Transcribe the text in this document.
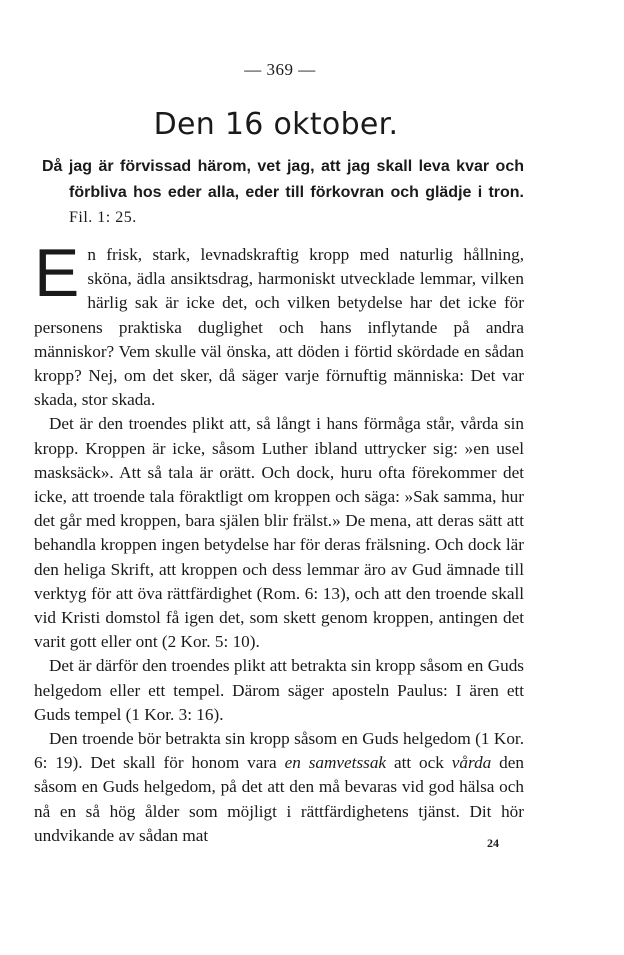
— 369 —
Den 16 oktober.

Då jag är förvissad härom, vet jag, att jag skall leva kvar och förbliva hos eder alla, eder till förkovran och glädje i tron. Fil. 1: 25.

En frisk, stark, levnadskraftig kropp med naturlig hållning, sköna, ädla ansiktsdrag, harmoniskt utvecklade lemmar, vilken härlig sak är icke det, och vilken betydelse har det icke för personens praktiska duglighet och hans inflytande på andra människor? Vem skulle väl önska, att döden i förtid skördade en sådan kropp? Nej, om det sker, då säger varje förnuftig människa: Det var skada, stor skada.

Det är den troendes plikt att, så långt i hans förmåga står, vårda sin kropp. Kroppen är icke, såsom Luther ibland uttrycker sig: »en usel masksäck». Att så tala är orätt. Och dock, huru ofta förekommer det icke, att troende tala föraktligt om kroppen och säga: »Sak samma, hur det går med kroppen, bara själen blir frälst.» De mena, att deras sätt att behandla kroppen ingen betydelse har för deras frälsning. Och dock lär den heliga Skrift, att kroppen och dess lemmar äro av Gud ämnade till verktyg för att öva rättfärdighet (Rom. 6: 13), och att den troende skall vid Kristi domstol få igen det, som skett genom kroppen, antingen det varit gott eller ont (2 Kor. 5: 10).

Det är därför den troendes plikt att betrakta sin kropp såsom en Guds helgedom eller ett tempel. Därom säger aposteln Paulus: I ären ett Guds tempel (1 Kor. 3: 16).

Den troende bör betrakta sin kropp såsom en Guds helgedom (1 Kor. 6: 19). Det skall för honom vara en samvetssak att ock vårda den såsom en Guds helgedom, på det att den må bevaras vid god hälsa och nå en så hög ålder som möjligt i rättfärdighetens tjänst. Dit hör undvikande av sådan mat	24
